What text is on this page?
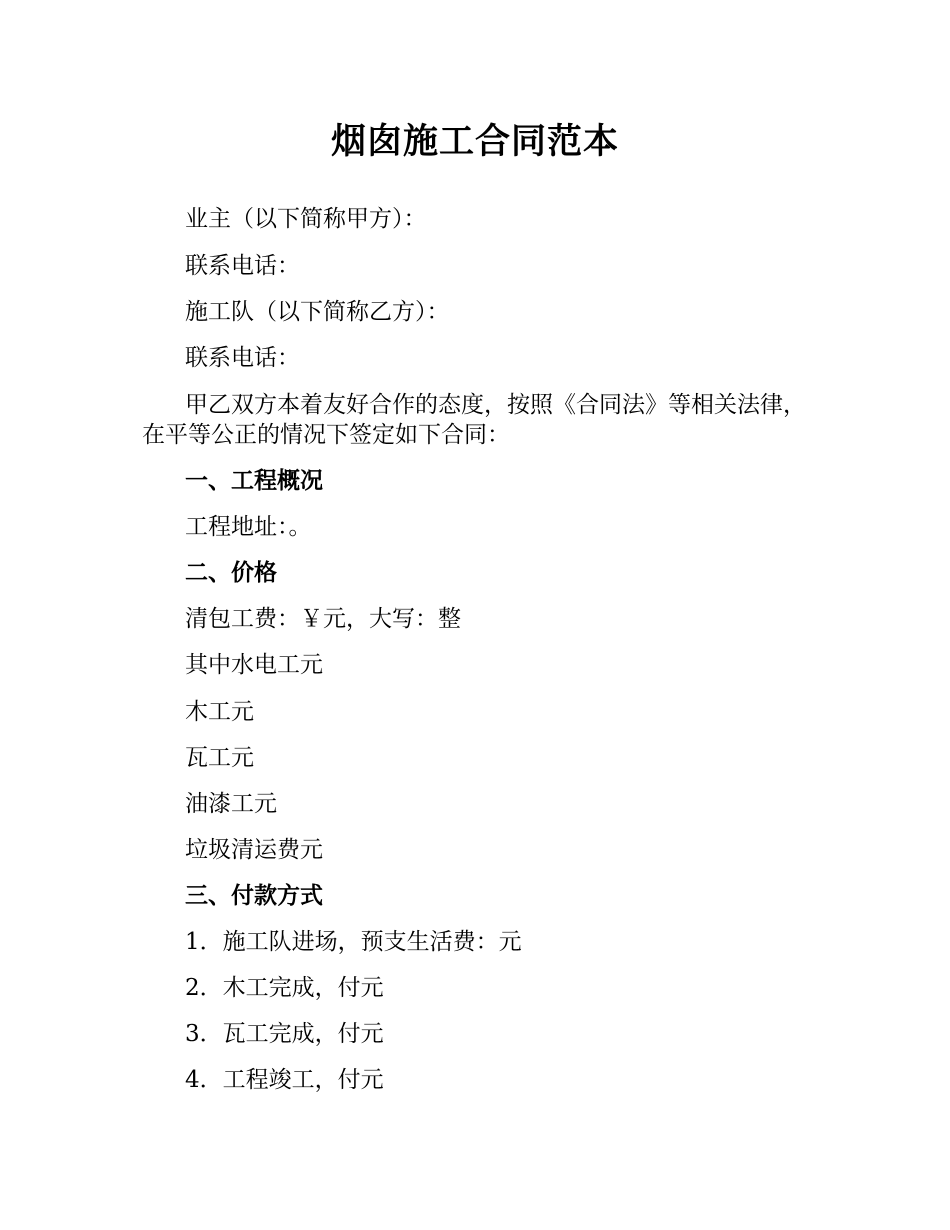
烟囱施工合同范本

业主（以下简称甲方）：

联系电话：

施工队（以下简称乙方）：

联系电话：

甲乙双方本着友好合作的态度，按照《合同法》等相关法律，在平等公正的情况下签定如下合同：

一、工程概况

工程地址：。

二、价格

清包工费：￥元，大写：整

其中水电工元

木工元

瓦工元

油漆工元

垃圾清运费元

三、付款方式

1．施工队进场，预支生活费：元

2．木工完成，付元

3．瓦工完成，付元

4．工程竣工，付元
